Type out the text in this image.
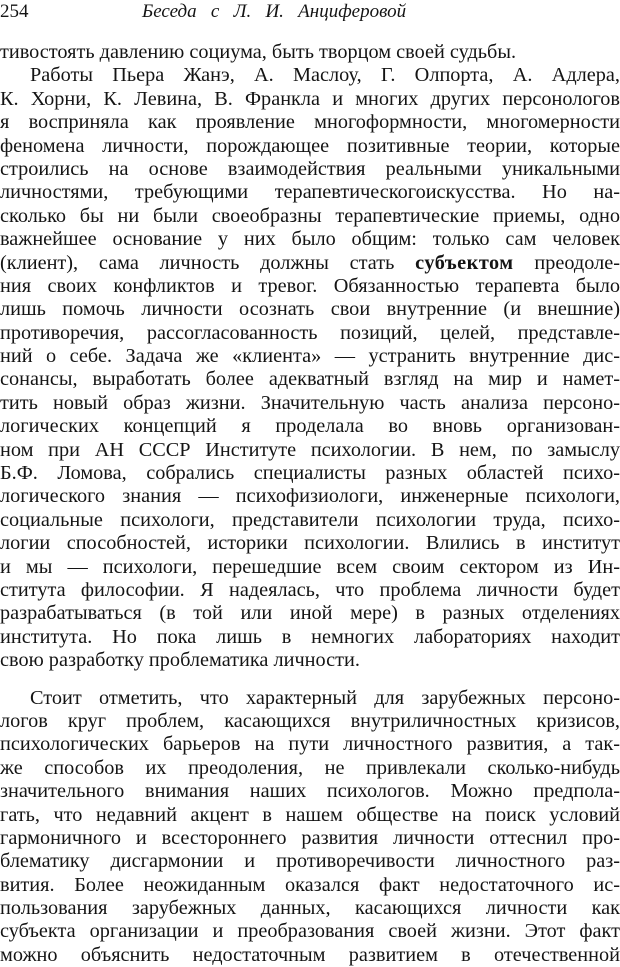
254	Беседа   с   Л.   И.   Анциферовой
тивостоять давлению социума, быть творцом своей судьбы.
Работы Пьера Жанэ, А. Маслоу, Г. Олпорта, А. Адлера,
К. Хорни, К. Левина, В. Франкла и многих других персонологов
я восприняла как проявление многоформности, многомерности
феномена личности, порождающее позитивные теории, которые
строились на основе взаимодействия реальными уникальными
личностями, требующими терапевтическогоискусства. Но на-
сколько бы ни были своеобразны терапевтические приемы, одно
важнейшее основание у них было общим: только сам человек
(клиент), сама личность должны стать субъектом преодоле-
ния своих конфликтов и тревог. Обязанностью терапевта было
лишь помочь личности осознать свои внутренние (и внешние)
противоречия, рассогласованность позиций, целей, представле-
ний о себе. Задача же «клиента» — устранить внутренние дис-
сонансы, выработать более адекватный взгляд на мир и намет-
тить новый образ жизни. Значительную часть анализа персоно-
логических концепций я проделала во вновь организован-
ном при АН СССР Институте психологии. В нем, по замыслу
Б.Ф. Ломова, собрались специалисты разных областей психо-
логического знания — психофизиологи, инженерные психологи,
социальные психологи, представители психологии труда, психо-
логии способностей, историки психологии. Влились в институт
и мы — психологи, перешедшие всем своим сектором из Ин-
ститута философии. Я надеялась, что проблема личности будет
разрабатываться (в той или иной мере) в разных отделениях
института. Но пока лишь в немногих лабораториях находит
свою разработку проблематика личности.
Стоит отметить, что характерный для зарубежных персоно-
логов круг проблем, касающихся внутриличностных кризисов,
психологических барьеров на пути личностного развития, а так-
же способов их преодоления, не привлекали сколько-нибудь
значительного внимания наших психологов. Можно предпола-
гать, что недавний акцент в нашем обществе на поиск условий
гармоничного и всестороннего развития личности оттеснил про-
блематику дисгармонии и противоречивости личностного раз-
вития. Более неожиданным оказался факт недостаточного ис-
пользования зарубежных данных, касающихся личности как
субъекта организации и преобразования своей жизни. Этот факт
можно объяснить недостаточным развитием в отечественной
